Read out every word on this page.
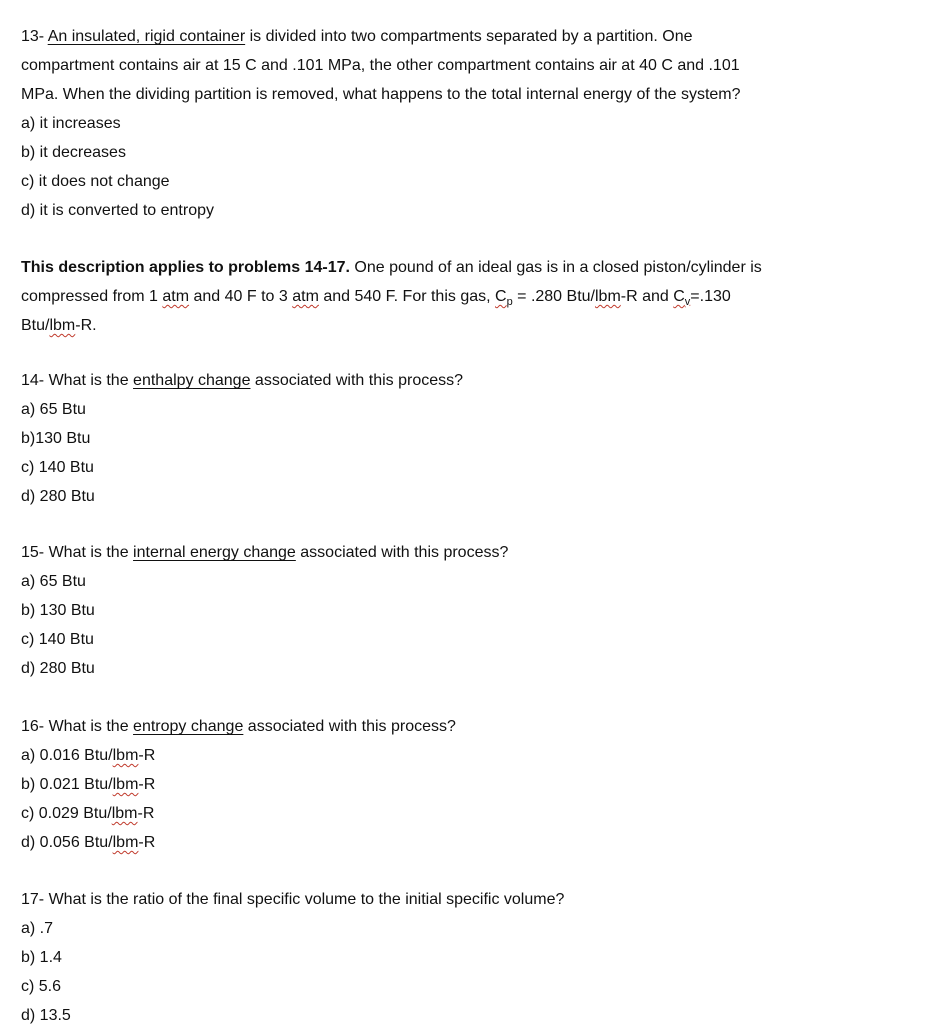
13- An insulated, rigid container is divided into two compartments separated by a partition. One
compartment contains air at 15 C and .101 MPa, the other compartment contains air at 40 C and .101
MPa. When the dividing partition is removed, what happens to the total internal energy of the system?
a) it increases
b) it decreases
c) it does not change
d) it is converted to entropy
This description applies to problems 14-17. One pound of an ideal gas is in a closed piston/cylinder is
compressed from 1 atm and 40 F to 3 atm and 540 F. For this gas, $C_p = .280$ Btu/lbm-R and $C_v=.130$
Btu/lbm-R.
14- What is the enthalpy change associated with this process?
a) 65 Btu
b)130 Btu
c) 140 Btu
d) 280 Btu
15- What is the internal energy change associated with this process?
a) 65 Btu
b) 130 Btu
c) 140 Btu
d) 280 Btu
16- What is the entropy change associated with this process?
a) 0.016 Btu/lbm-R
b) 0.021 Btu/lbm-R
c) 0.029 Btu/lbm-R
d) 0.056 Btu/lbm-R
17- What is the ratio of the final specific volume to the initial specific volume?
a) .7
b) 1.4
c) 5.6
d) 13.5
